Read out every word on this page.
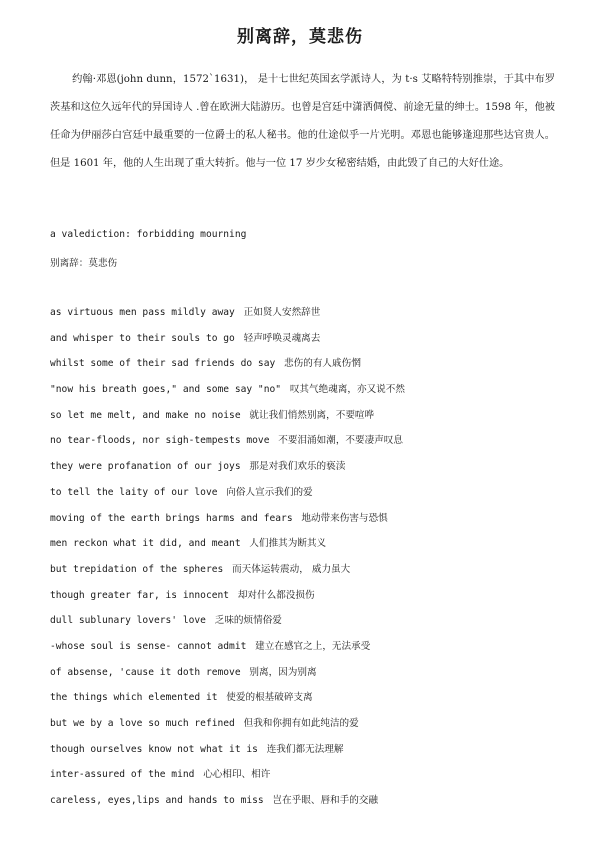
别离辞，莫悲伤

约翰·邓恩(john dunn，1572`1631)， 是十七世纪英国玄学派诗人，为 t·s 艾略特特别推崇，于其中布罗茨基和这位久远年代的异国诗人 .曾在欧洲大陆游历。也曾是宫廷中潇洒倜傥、前途无量的绅士。1598 年，他被任命为伊丽莎白宫廷中最重要的一位爵士的私人秘书。他的仕途似乎一片光明。邓恩也能够逢迎那些达官贵人。但是 1601 年，他的人生出现了重大转折。他与一位 17 岁少女秘密结婚，由此毁了自己的大好仕途。

a valediction: forbidding mourning
别离辞：莫悲伤
as virtuous men pass mildly away 正如贤人安然辞世
and whisper to their souls to go 轻声呼唤灵魂离去
whilst some of their sad friends do say 悲伤的有人戚伤惘
"now his breath goes," and some say "no" 叹其气绝魂离，亦又说不然
so let me melt, and make no noise 就让我们悄然别离，不要喧哗
no tear-floods, nor sigh-tempests move 不要泪涌如潮，不要凄声叹息
they were profanation of our joys 那是对我们欢乐的亵渎
to tell the laity of our love 向俗人宣示我们的爱
moving of the earth brings harms and fears 地动带来伤害与恐惧
men reckon what it did, and meant 人们推其为断其义
but trepidation of the spheres 而天体运转震动， 威力虽大
though greater far, is innocent 却对什么都没损伤
dull sublunary lovers' love 乏味的烦情俗爱
-whose soul is sense- cannot admit 建立在感官之上，无法承受
of absense, 'cause it doth remove 别离，因为别离
the things which elemented it 使爱的根基破碎支离
but we by a love so much refined 但我和你拥有如此纯洁的爱
though ourselves know not what it is 连我们都无法理解
inter-assured of the mind 心心相印、相许
careless, eyes,lips and hands to miss 岂在乎眼、唇和手的交融
